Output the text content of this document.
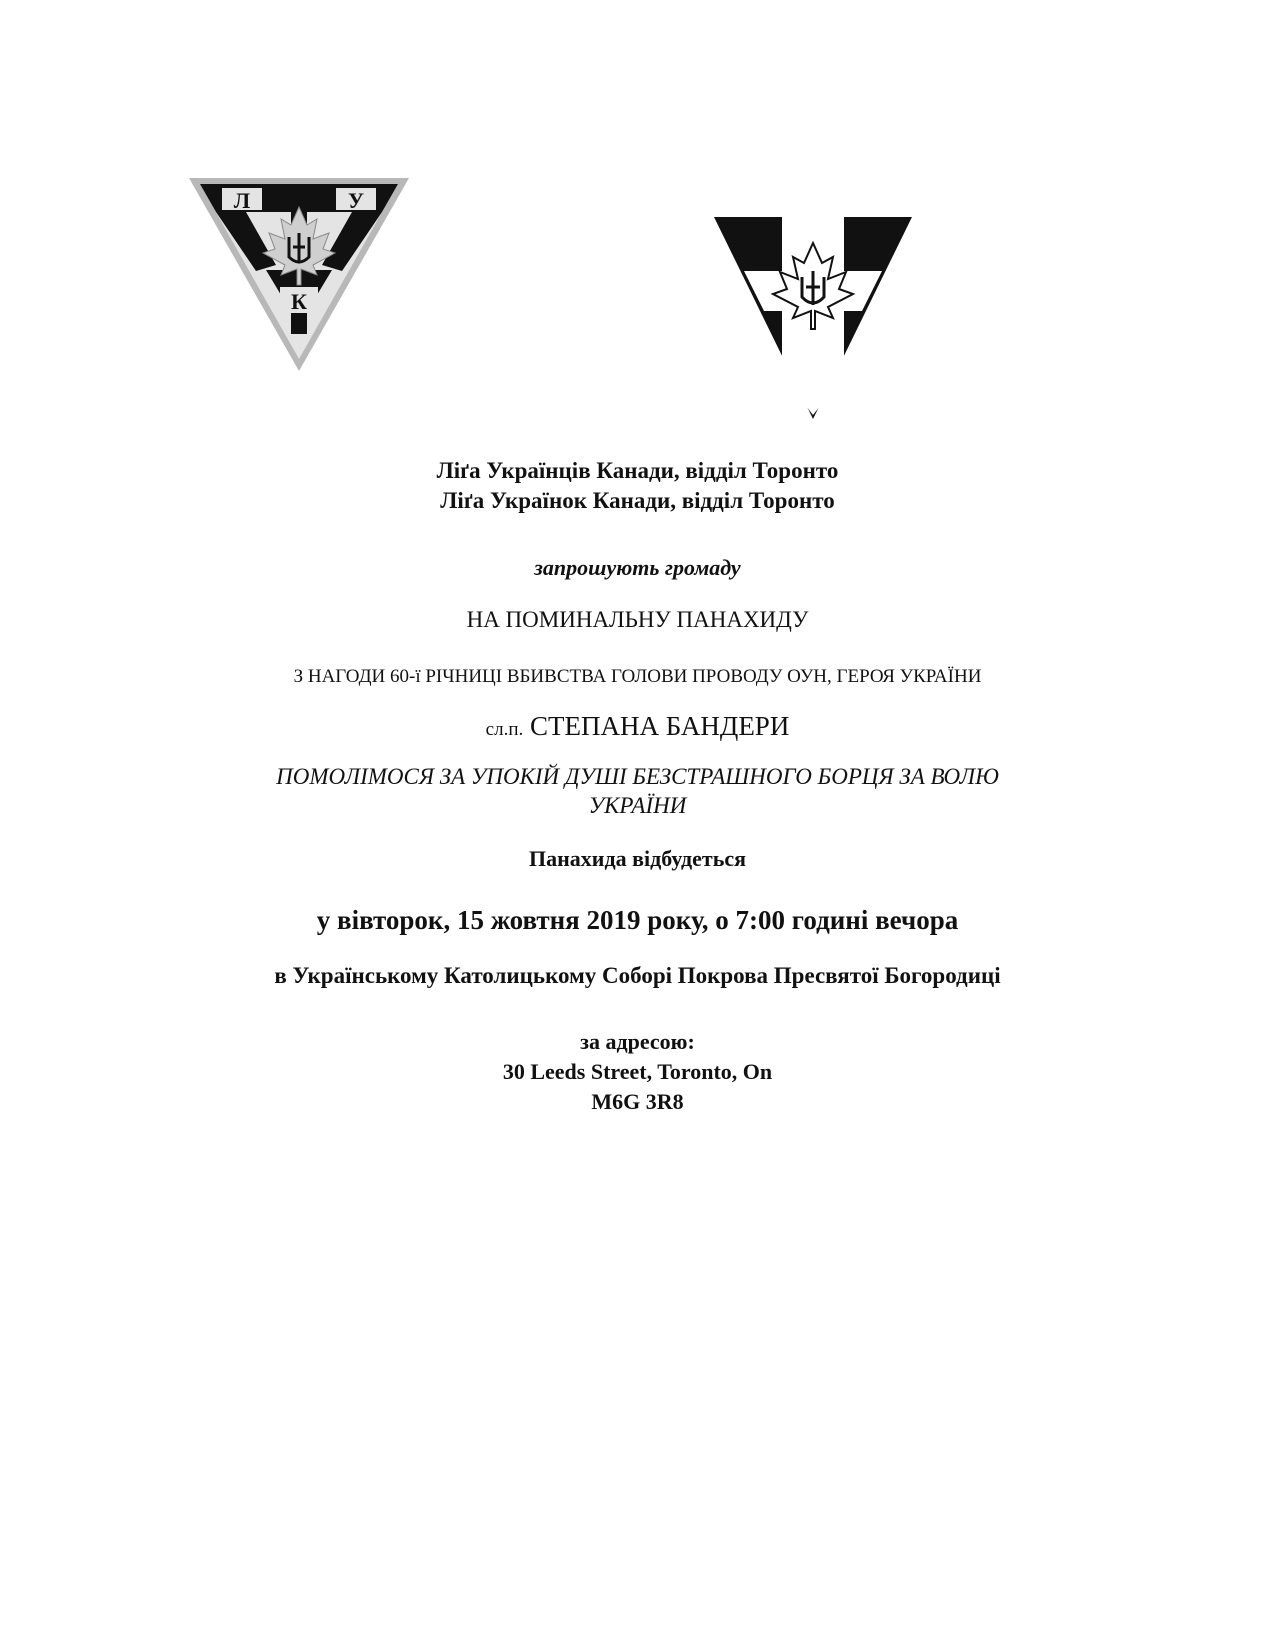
Л	У
К
Ліґа Українців Канади, відділ Торонто
Ліґа Українок Канади, відділ Торонто
запрошують громаду
НА ПОМИНАЛЬНУ ПАНАХИДУ
З НАГОДИ 60-ї РІЧНИЦІ ВБИВСТВА ГОЛОВИ ПРОВОДУ ОУН, ГЕРОЯ УКРАЇНИ
сл.п. СТЕПАНА БАНДЕРИ
ПОМОЛІМОСЯ ЗА УПОКІЙ ДУШІ БЕЗСТРАШНОГО БОРЦЯ ЗА ВОЛЮ
УКРАЇНИ
Панахида відбудеться
у вівторок, 15 жовтня 2019 року, о 7:00 годині вечора
в Українському Католицькому Соборі Покрова Пресвятої Богородиці
за адресою:
30 Leeds Street, Toronto, On
M6G 3R8
